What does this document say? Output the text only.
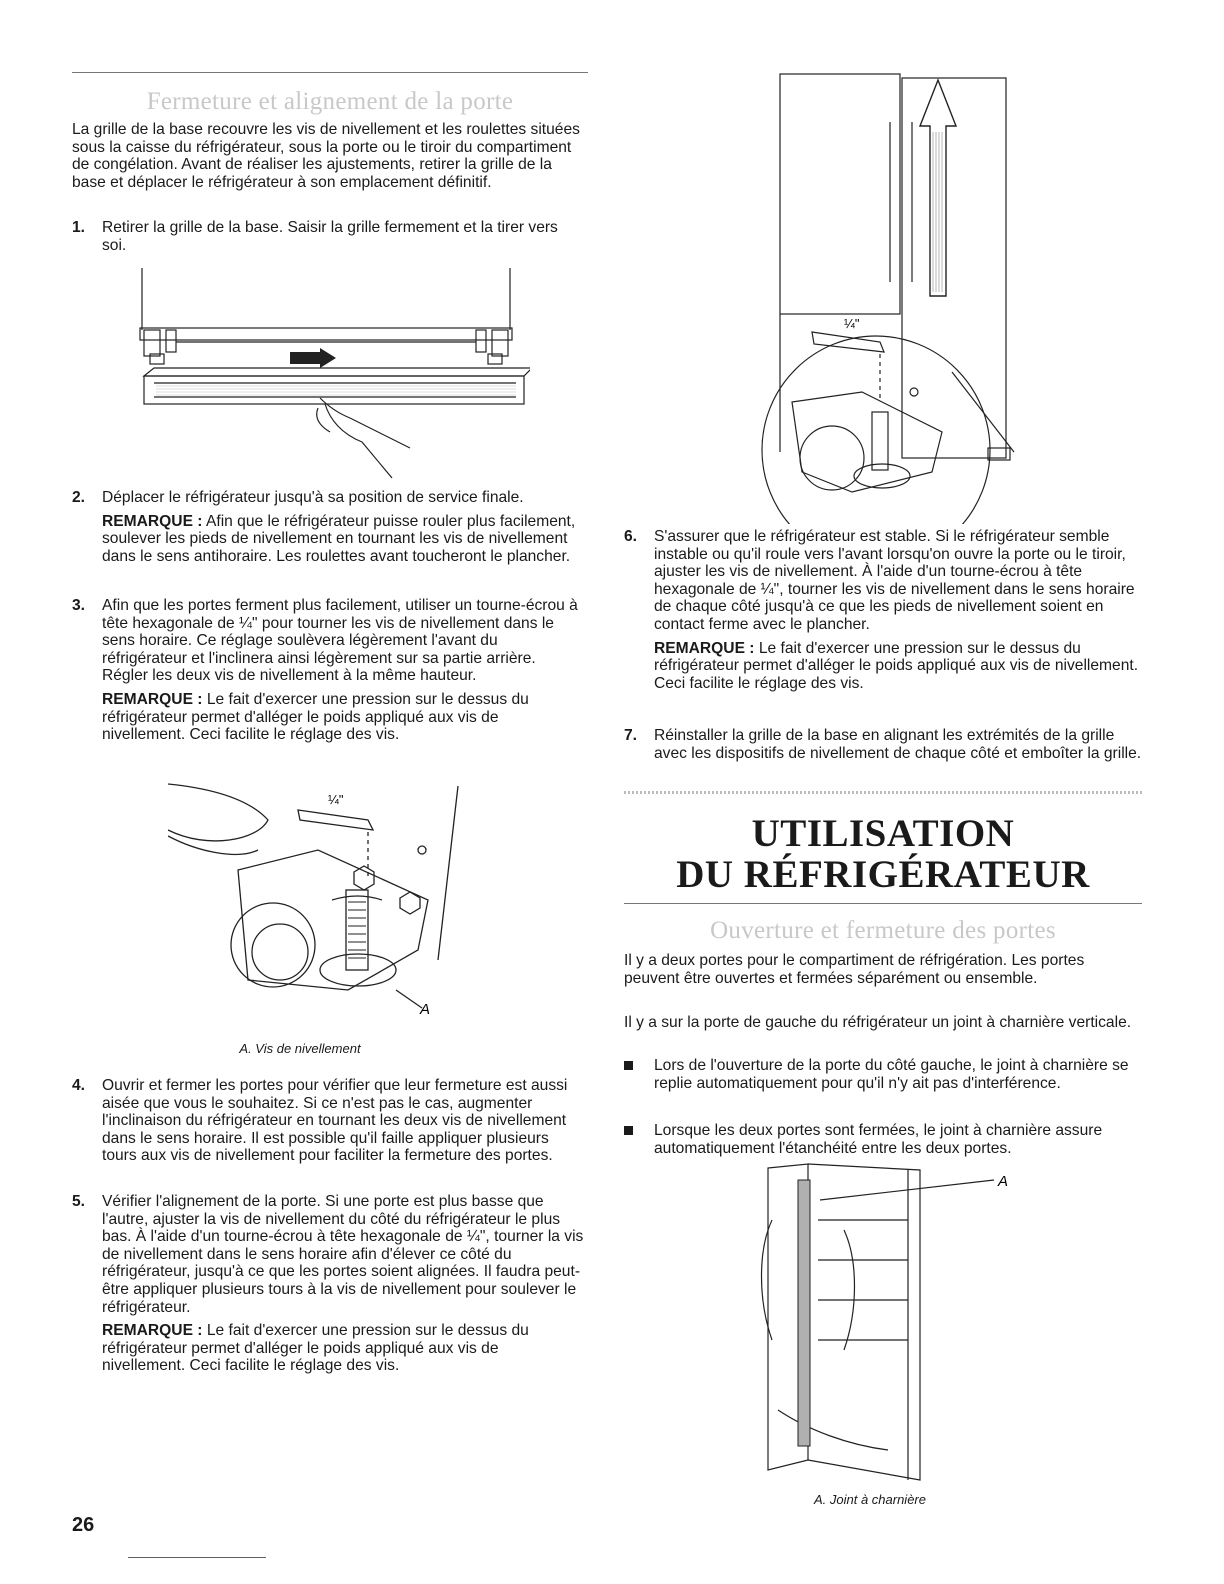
Fermeture et alignement de la porte

La grille de la base recouvre les vis de nivellement et les roulettes situées sous la caisse du réfrigérateur, sous la porte ou le tiroir du compartiment de congélation. Avant de réaliser les ajustements, retirer la grille de la base et déplacer le réfrigérateur à son emplacement définitif.

1. Retirer la grille de la base. Saisir la grille fermement et la tirer vers soi.
2. Déplacer le réfrigérateur jusqu'à sa position de service finale.
REMARQUE : Afin que le réfrigérateur puisse rouler plus facilement, soulever les pieds de nivellement en tournant les vis de nivellement dans le sens antihoraire. Les roulettes avant toucheront le plancher.
3. Afin que les portes ferment plus facilement, utiliser un tourne-écrou à tête hexagonale de ¼" pour tourner les vis de nivellement dans le sens horaire. Ce réglage soulèvera légèrement l'avant du réfrigérateur et l'inclinera ainsi légèrement sur sa partie arrière. Régler les deux vis de nivellement à la même hauteur.
REMARQUE : Le fait d'exercer une pression sur le dessus du réfrigérateur permet d'alléger le poids appliqué aux vis de nivellement. Ceci facilite le réglage des vis.
¼"
A
A. Vis de nivellement
4. Ouvrir et fermer les portes pour vérifier que leur fermeture est aussi aisée que vous le souhaitez. Si ce n'est pas le cas, augmenter l'inclinaison du réfrigérateur en tournant les deux vis de nivellement dans le sens horaire. Il est possible qu'il faille appliquer plusieurs tours aux vis de nivellement pour faciliter la fermeture des portes.
5. Vérifier l'alignement de la porte. Si une porte est plus basse que l'autre, ajuster la vis de nivellement du côté du réfrigérateur le plus bas. À l'aide d'un tourne-écrou à tête hexagonale de ¼", tourner la vis de nivellement dans le sens horaire afin d'élever ce côté du réfrigérateur, jusqu'à ce que les portes soient alignées. Il faudra peut-être appliquer plusieurs tours à la vis de nivellement pour soulever le réfrigérateur.
REMARQUE : Le fait d'exercer une pression sur le dessus du réfrigérateur permet d'alléger le poids appliqué aux vis de nivellement. Ceci facilite le réglage des vis.
26
¼"
6. S'assurer que le réfrigérateur est stable. Si le réfrigérateur semble instable ou qu'il roule vers l'avant lorsqu'on ouvre la porte ou le tiroir, ajuster les vis de nivellement. À l'aide d'un tourne-écrou à tête hexagonale de ¼", tourner les vis de nivellement dans le sens horaire de chaque côté jusqu'à ce que les pieds de nivellement soient en contact ferme avec le plancher.
REMARQUE : Le fait d'exercer une pression sur le dessus du réfrigérateur permet d'alléger le poids appliqué aux vis de nivellement. Ceci facilite le réglage des vis.
7. Réinstaller la grille de la base en alignant les extrémités de la grille avec les dispositifs de nivellement de chaque côté et emboîter la grille.
UTILISATION
DU RÉFRIGÉRATEUR
Ouverture et fermeture des portes

Il y a deux portes pour le compartiment de réfrigération. Les portes peuvent être ouvertes et fermées séparément ou ensemble.

Il y a sur la porte de gauche du réfrigérateur un joint à charnière verticale.

Lors de l'ouverture de la porte du côté gauche, le joint à charnière se replie automatiquement pour qu'il n'y ait pas d'interférence.
Lorsque les deux portes sont fermées, le joint à charnière assure automatiquement l'étanchéité entre les deux portes.
A
A. Joint à charnière
